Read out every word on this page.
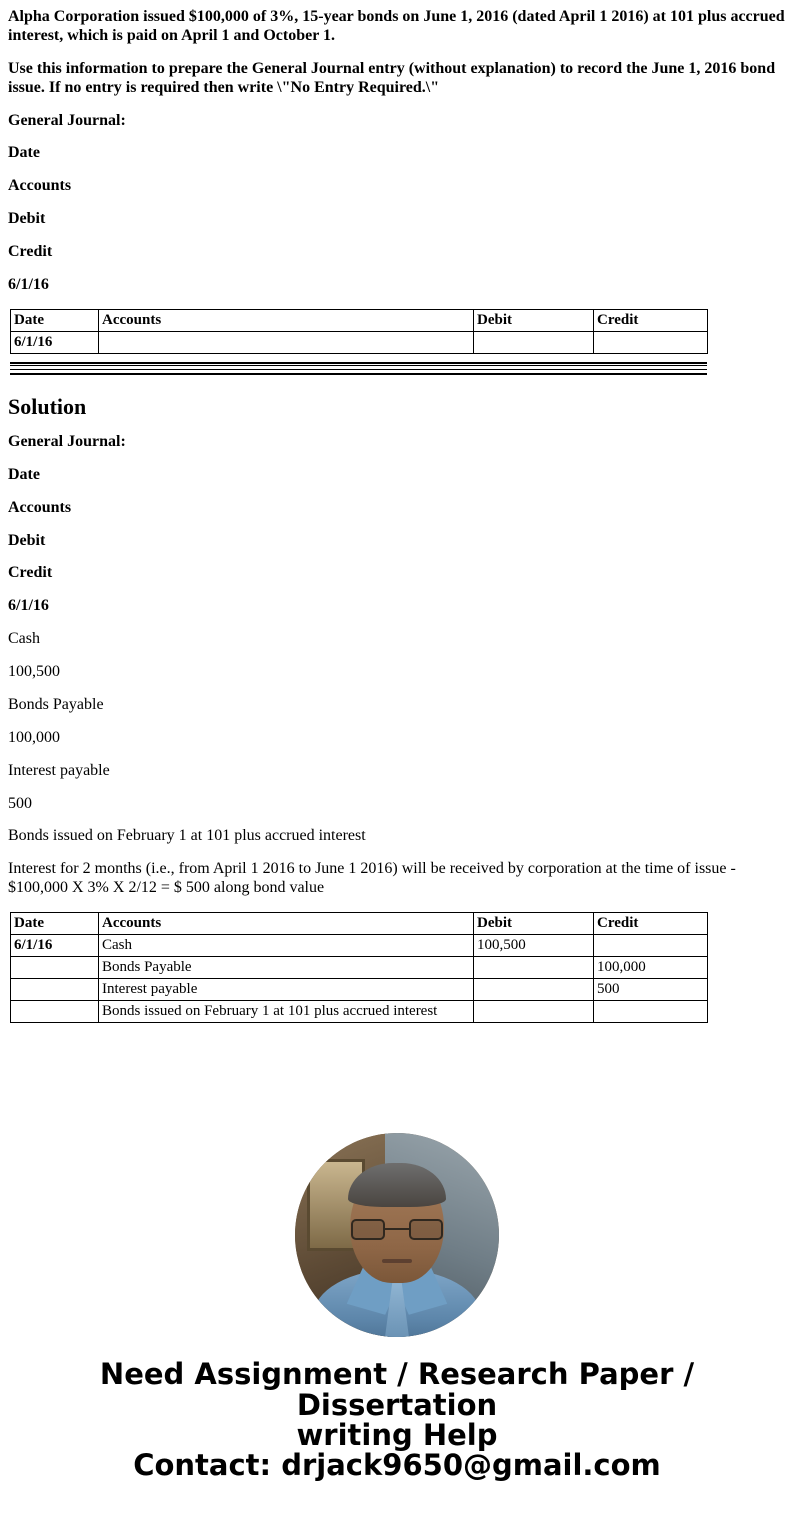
Alpha Corporation issued $100,000 of 3%, 15-year bonds on June 1, 2016 (dated April 1 2016) at 101 plus accrued interest, which is paid on April 1 and October 1.

Use this information to prepare the General Journal entry (without explanation) to record the June 1, 2016 bond issue. If no entry is required then write \"No Entry Required.\"

General Journal:

Date

Accounts

Debit

Credit

6/1/16

Date	Accounts	Debit	Credit
6/1/16			
Solution

General Journal:

Date

Accounts

Debit

Credit

6/1/16

Cash

100,500

Bonds Payable

100,000

Interest payable

500

Bonds issued on February 1 at 101 plus accrued interest

Interest for 2 months (i.e., from April 1 2016 to June 1 2016) will be received by corporation at the time of issue - $100,000 X 3% X 2/12 = $ 500 along bond value

Date	Accounts	Debit	Credit
6/1/16	Cash	100,500	
	Bonds Payable		100,000
	Interest payable		500
	Bonds issued on February 1 at 101 plus accrued interest		
Need Assignment / Research Paper / Dissertation
writing Help
Contact: drjack9650@gmail.com
